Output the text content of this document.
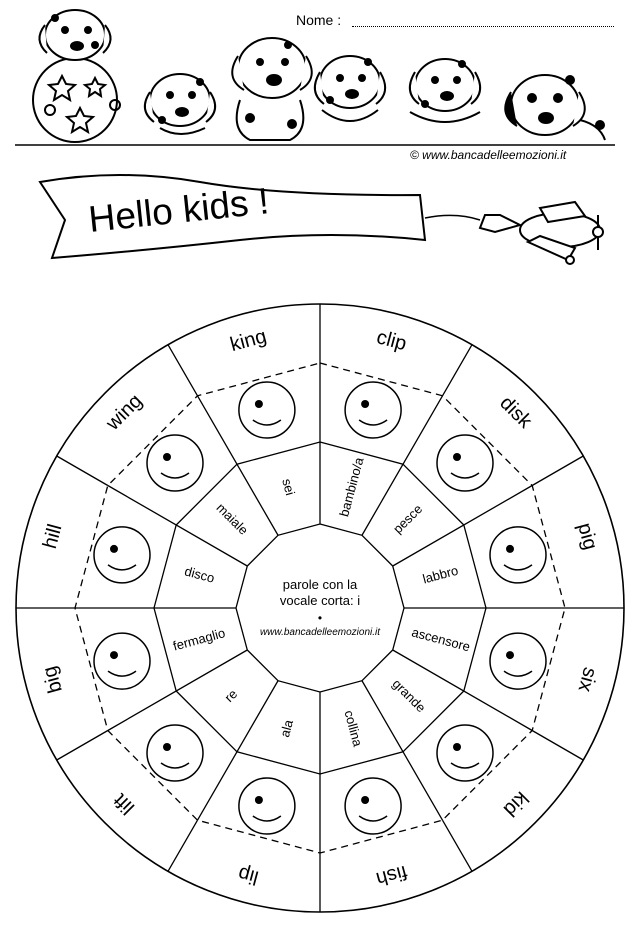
Nome :
© www.bancadelleemozioni.it
Hello kids !
clip
disk
pig
six
kid
fish
lip
lift
big
hill
wing
king
bambino/a
pesce
labbro
ascensore
grande
collina
ala
re
fermaglio
disco
maiale
sei
parole con la
vocale corta: i
•
www.bancadelleemozioni.it
